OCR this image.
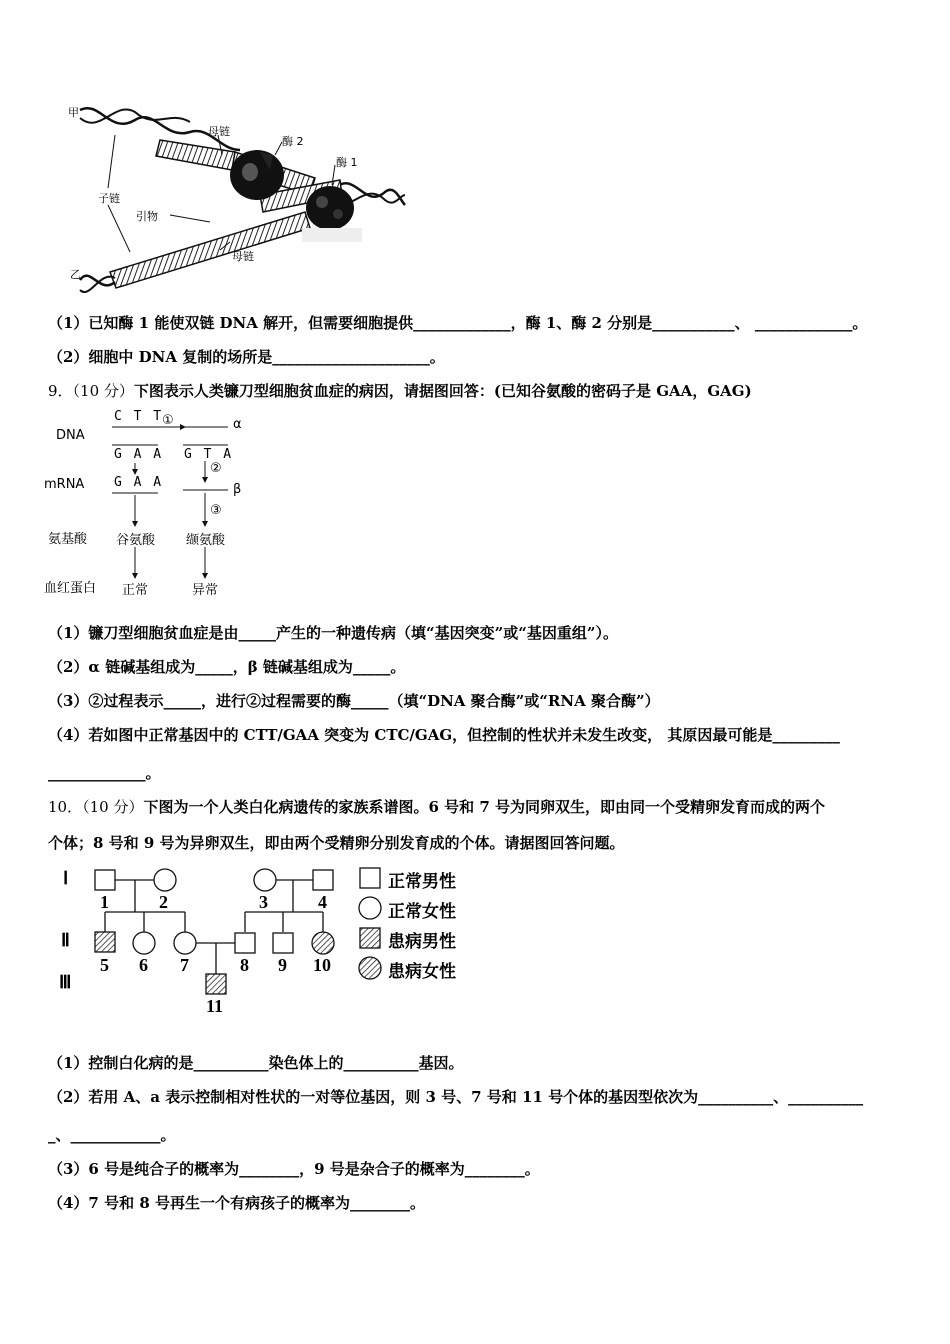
甲
乙
子链
母链
母链
引物
酶 2
酶 1
（1）已知酶 1 能使双链 DNA 解开，但需要细胞提供_____________，酶 1、酶 2 分别是___________、 _____________。
（2）细胞中 DNA 复制的场所是_____________________。
9．（10 分）下图表示人类镰刀型细胞贫血症的病因，请据图回答：(已知谷氨酸的密码子是 GAA，GAG)
DNA
mRNA
氨基酸
血红蛋白
C T T
G A A
G A A
G T A
①
②
③
α
β
谷氨酸 缬氨酸
正常	异常
（1）镰刀型细胞贫血症是由_____产生的一种遗传病（填“基因突变”或“基因重组”）。
（2）α 链碱基组成为_____，β 链碱基组成为_____。
（3）②过程表示_____，进行②过程需要的酶_____（填“DNA 聚合酶”或“RNA 聚合酶”）
（4）若如图中正常基因中的 CTT/GAA 突变为 CTC/GAG，但控制的性状并未发生改变， 其原因最可能是_________
_____________。
10．（10 分）下图为一个人类白化病遗传的家族系谱图。6 号和 7 号为同卵双生，即由同一个受精卵发育而成的两个
个体；8 号和 9 号为异卵双生，即由两个受精卵分别发育成的个体。请据图回答问题。
Ⅰ
Ⅱ
Ⅲ
1	2	3	4
5 6 7	8 9 10
11
正常男性
正常女性
患病男性
患病女性
（1）控制白化病的是__________染色体上的__________基因。
（2）若用 A、a 表示控制相对性状的一对等位基因，则 3 号、7 号和 11 号个体的基因型依次为__________、__________
_、____________。
（3）6 号是纯合子的概率为________，9 号是杂合子的概率为________。
（4）7 号和 8 号再生一个有病孩子的概率为________。
